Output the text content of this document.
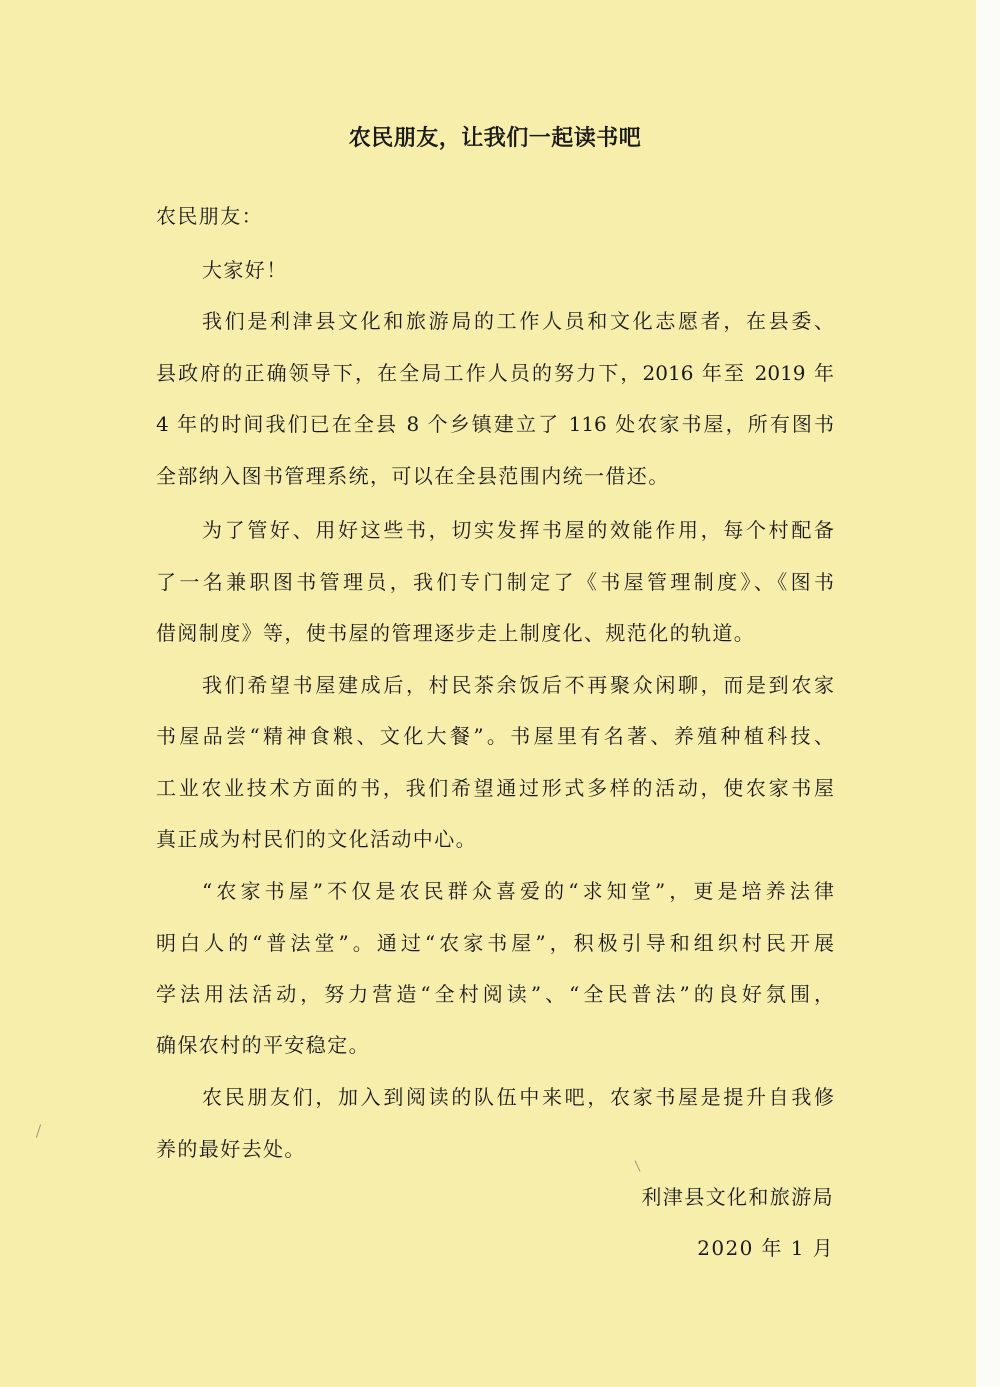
农民朋友，让我们一起读书吧
农民朋友：
大家好！
我们是利津县文化和旅游局的工作人员和文化志愿者，在县委、
县政府的正确领导下，在全局工作人员的努力下，2016 年至 2019 年
4 年的时间我们已在全县 8 个乡镇建立了 116 处农家书屋，所有图书
全部纳入图书管理系统，可以在全县范围内统一借还。
为了管好、用好这些书，切实发挥书屋的效能作用，每个村配备
了一名兼职图书管理员，我们专门制定了《书屋管理制度》、《图书
借阅制度》等，使书屋的管理逐步走上制度化、规范化的轨道。
我们希望书屋建成后，村民茶余饭后不再聚众闲聊，而是到农家
书屋品尝“精神食粮、文化大餐”。书屋里有名著、养殖种植科技、
工业农业技术方面的书，我们希望通过形式多样的活动，使农家书屋
真正成为村民们的文化活动中心。
“农家书屋”不仅是农民群众喜爱的“求知堂”，更是培养法律
明白人的“普法堂”。通过“农家书屋”，积极引导和组织村民开展
学法用法活动，努力营造“全村阅读”、“全民普法”的良好氛围，
确保农村的平安稳定。
农民朋友们，加入到阅读的队伍中来吧，农家书屋是提升自我修
养的最好去处。
利津县文化和旅游局
2020 年 1 月
